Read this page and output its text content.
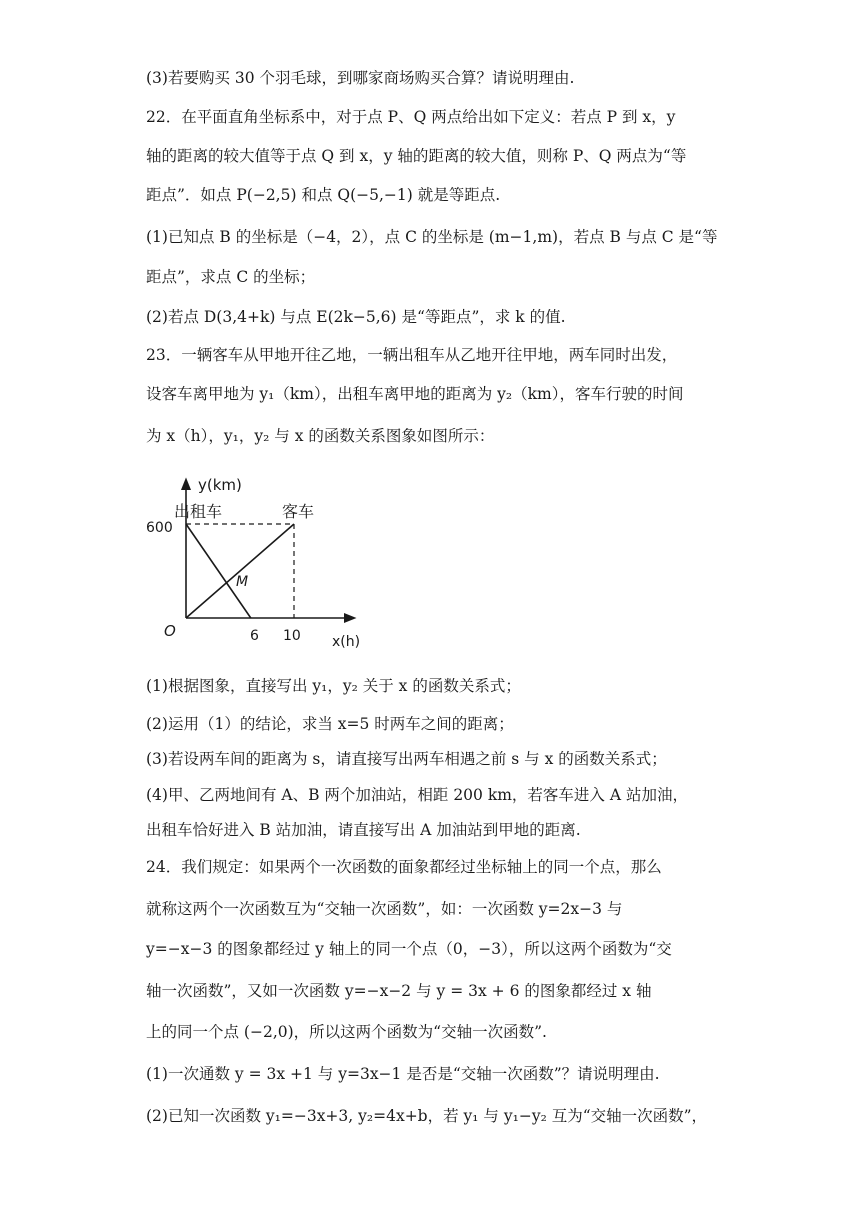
(3)若要购买 30 个羽毛球，到哪家商场购买合算？请说明理由.
22．在平面直角坐标系中，对于点 P、Q 两点给出如下定义：若点 P 到 x，y
轴的距离的较大值等于点 Q 到 x，y 轴的距离的较大值，则称 P、Q 两点为“等
距点”．如点 P(−2,5) 和点 Q(−5,−1) 就是等距点.
(1)已知点 B 的坐标是（−4，2），点 C 的坐标是 (m−1,m)，若点 B 与点 C 是“等
距点”，求点 C 的坐标；
(2)若点 D(3,4+k) 与点 E(2k−5,6) 是“等距点”，求 k 的值.
23．一辆客车从甲地开往乙地，一辆出租车从乙地开往甲地，两车同时出发，
设客车离甲地为 y₁（km），出租车离甲地的距离为 y₂（km），客车行驶的时间
为 x（h），y₁，y₂ 与 x 的函数关系图象如图所示：
y(km)
出租车	客车
600
M
O	6 10 x(h)
(1)根据图象，直接写出 y₁，y₂ 关于 x 的函数关系式；
(2)运用（1）的结论，求当 x=5 时两车之间的距离；
(3)若设两车间的距离为 s，请直接写出两车相遇之前 s 与 x 的函数关系式；
(4)甲、乙两地间有 A、B 两个加油站，相距 200 km，若客车进入 A 站加油，
出租车恰好进入 B 站加油，请直接写出 A 加油站到甲地的距离.
24．我们规定：如果两个一次函数的面象都经过坐标轴上的同一个点，那么
就称这两个一次函数互为“交轴一次函数”，如：一次函数 y=2x−3 与
y=−x−3 的图象都经过 y 轴上的同一个点（0，−3），所以这两个函数为“交
轴一次函数”，又如一次函数 y=−x−2 与 y = 3x + 6 的图象都经过 x 轴
上的同一个点 (−2,0)，所以这两个函数为“交轴一次函数”.
(1)一次通数 y = 3x +1 与 y=3x−1 是否是“交轴一次函数”？请说明理由.
(2)已知一次函数 y₁=−3x+3, y₂=4x+b，若 y₁ 与 y₁−y₂ 互为“交轴一次函数”，
